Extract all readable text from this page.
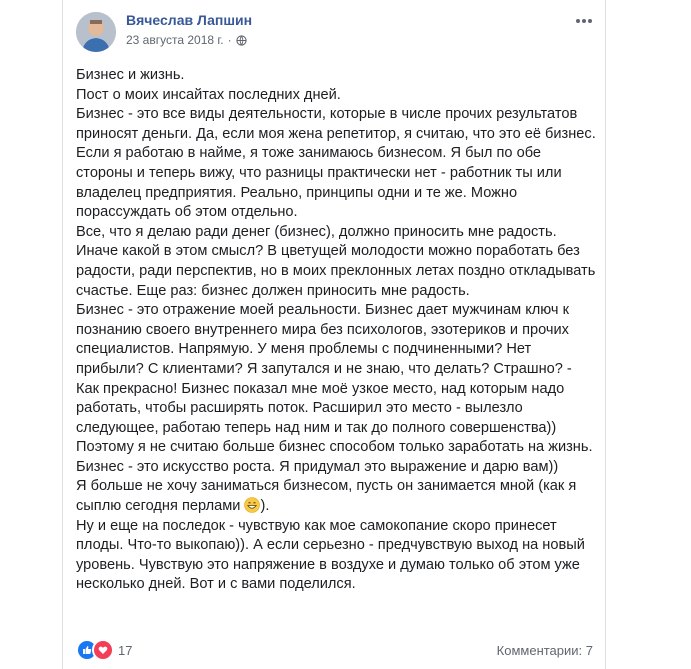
Вячеслав Лапшин
23 августа 2018 г. ·

Бизнес и жизнь.

Пост о моих инсайтах последних дней.

Бизнес - это все виды деятельности, которые в числе прочих результатов приносят деньги. Да, если моя жена репетитор, я считаю, что это её бизнес. Если я работаю в найме, я тоже занимаюсь бизнесом. Я был по обе стороны и теперь вижу, что разницы практически нет - работник ты или владелец предприятия. Реально, принципы одни и те же. Можно порассуждать об этом отдельно.

Все, что я делаю ради денег (бизнес), должно приносить мне радость. Иначе какой в этом смысл? В цветущей молодости можно поработать без радости, ради перспектив, но в моих преклонных летах поздно откладывать счастье. Еще раз: бизнес должен приносить мне радость.

Бизнес - это отражение моей реальности. Бизнес дает мужчинам ключ к познанию своего внутреннего мира без психологов, эзотериков и прочих специалистов. Напрямую. У меня проблемы с подчиненными? Нет прибыли? С клиентами? Я запутался и не знаю, что делать? Страшно? - Как прекрасно! Бизнес показал мне моё узкое место, над которым надо работать, чтобы расширять поток. Расширил это место - вылезло следующее, работаю теперь над ним и так до полного совершенства))

Поэтому я не считаю больше бизнес способом только заработать на жизнь. Бизнес - это искусство роста. Я придумал это выражение и дарю вам))

Я больше не хочу заниматься бизнесом, пусть он занимается мной (как я сыплю сегодня перлами ).

Ну и еще на последок - чувствую как мое самокопание скоро принесет плоды. Что-то выкопаю)). А если серьезно - предчувствую выход на новый уровень. Чувствую это напряжение в воздухе и думаю только об этом уже несколько дней. Вот и с вами поделился.

17	Комментарии: 7
